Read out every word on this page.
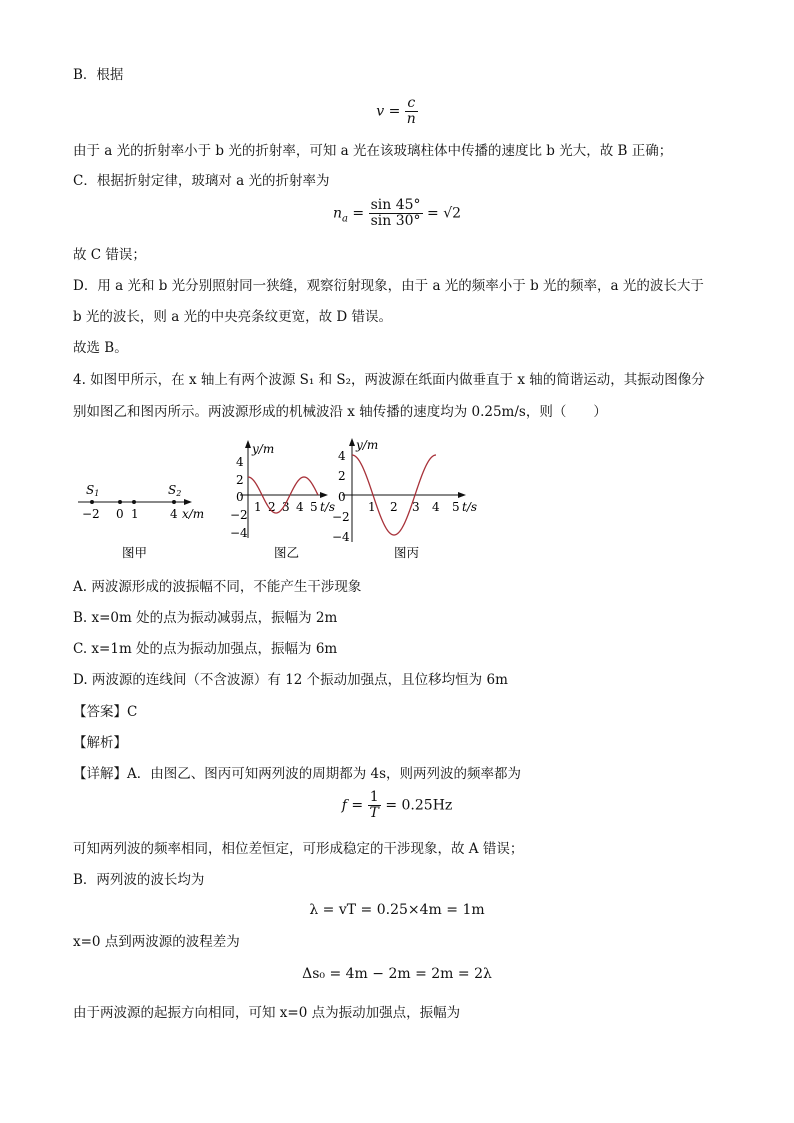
B．根据
$v = \frac{c}{n}$
由于 a 光的折射率小于 b 光的折射率，可知 a 光在该玻璃柱体中传播的速度比 b 光大，故 B 正确；
C．根据折射定律，玻璃对 a 光的折射率为
$n_a = \frac{\sin 45^\circ}{\sin 30^\circ} = √2$
故 C 错误；
D．用 a 光和 b 光分别照射同一狭缝，观察衍射现象，由于 a 光的频率小于 b 光的频率，a 光的波长大于
b 光的波长，则 a 光的中央亮条纹更宽，故 D 错误。
故选 B。
4. 如图甲所示，在 x 轴上有两个波源 S₁ 和 S₂，两波源在纸面内做垂直于 x 轴的简谐运动，其振动图像分
别如图乙和图丙所示。两波源形成的机械波沿 x 轴传播的速度均为 0.25m/s，则（　　）
S1	S2
−2 0 1	4 x/m
图甲
y/m
4
2
0
−2
−4
1 2 3 4 5 t/s
图乙
y/m
4
2
0
−2
−4
1 2 3 4 5 t/s
图丙
A. 两波源形成的波振幅不同，不能产生干涉现象
B. x=0m 处的点为振动减弱点，振幅为 2m
C. x=1m 处的点为振动加强点，振幅为 6m
D. 两波源的连线间（不含波源）有 12 个振动加强点，且位移均恒为 6m
【答案】C
【解析】
【详解】A．由图乙、图丙可知两列波的周期都为 4s，则两列波的频率都为
$f = \frac{1}{T} = 0.25Hz$
可知两列波的频率相同，相位差恒定，可形成稳定的干涉现象，故 A 错误；
B．两列波的波长均为
λ = vT = 0.25×4m = 1m
x=0 点到两波源的波程差为
Δs₀ = 4m − 2m = 2m = 2λ
由于两波源的起振方向相同，可知 x=0 点为振动加强点，振幅为
